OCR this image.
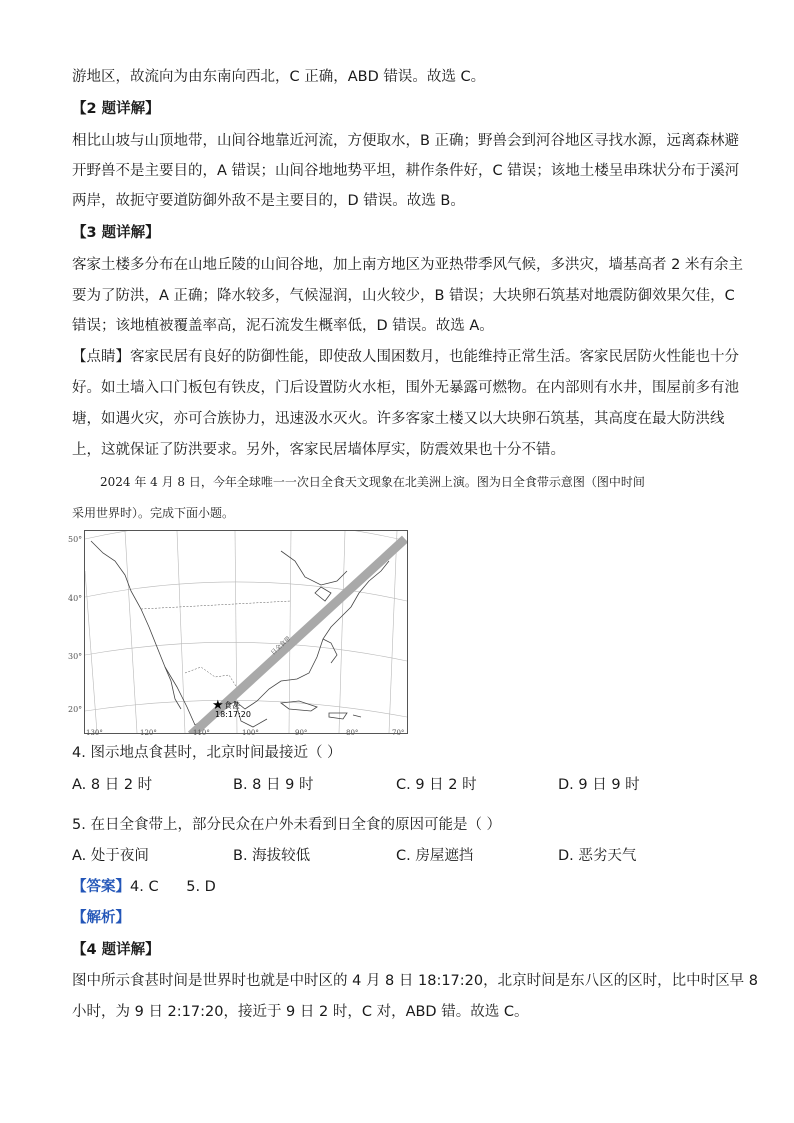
游地区，故流向为由东南向西北，C 正确，ABD 错误。故选 C。
【2 题详解】
相比山坡与山顶地带，山间谷地靠近河流，方便取水，B 正确；野兽会到河谷地区寻找水源，远离森林避
开野兽不是主要目的，A 错误；山间谷地地势平坦，耕作条件好，C 错误；该地土楼呈串珠状分布于溪河
两岸，故扼守要道防御外敌不是主要目的，D 错误。故选 B。
【3 题详解】
客家土楼多分布在山地丘陵的山间谷地，加上南方地区为亚热带季风气候，多洪灾，墙基高者 2 米有余主
要为了防洪，A 正确；降水较多，气候湿润，山火较少，B 错误；大块卵石筑基对地震防御效果欠佳，C
错误；该地植被覆盖率高，泥石流发生概率低，D 错误。故选 A。
【点睛】客家民居有良好的防御性能，即使敌人围困数月，也能维持正常生活。客家民居防火性能也十分
好。如土墙入口门板包有铁皮，门后设置防火水柜，围外无暴露可燃物。在内部则有水井，围屋前多有池
塘，如遇火灾，亦可合族协力，迅速汲水灭火。许多客家土楼又以大块卵石筑基，其高度在最大防洪线
上，这就保证了防洪要求。另外，客家民居墙体厚实，防震效果也十分不错。
2024 年 4 月 8 日，今年全球唯一一次日全食天文现象在北美洲上演。图为日全食带示意图（图中时间
采用世界时）。完成下面小题。
50°
40°
30°
20°
日全食带
★ 食甚
18:17:20
130°	120°	110°	100°	90°	80°	70°
4. 图示地点食甚时，北京时间最接近（ ）
A. 8 日 2 时	B. 8 日 9 时	C. 9 日 2 时	D. 9 日 9 时
5. 在日全食带上，部分民众在户外未看到日全食的原因可能是（ ）
A. 处于夜间	B. 海拔较低	C. 房屋遮挡	D. 恶劣天气
【答案】4. C      5. D
【解析】
【4 题详解】
图中所示食甚时间是世界时也就是中时区的 4 月 8 日 18:17:20，北京时间是东八区的区时，比中时区早 8
小时，为 9 日 2:17:20，接近于 9 日 2 时，C 对，ABD 错。故选 C。
